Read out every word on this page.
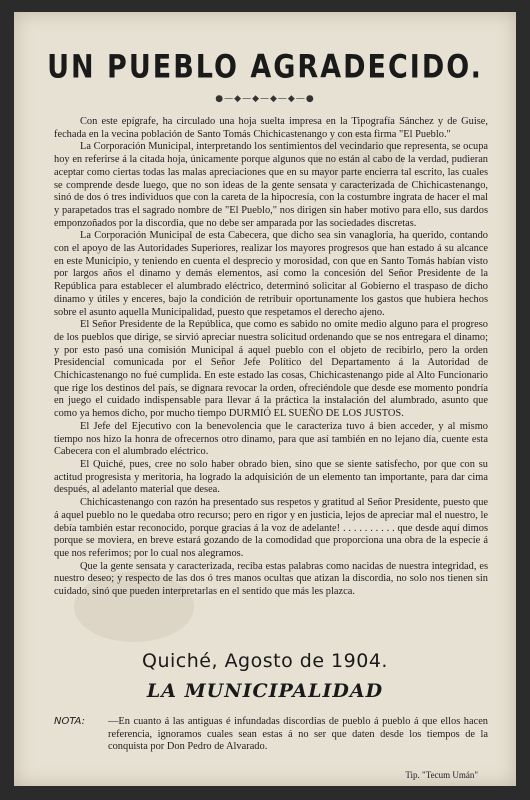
UN PUEBLO AGRADECIDO.
●—◆—◆—◆—◆—●

Con este epígrafe, ha circulado una hoja suelta impresa en la Tipografía Sánchez y de Guise, fechada en la vecina población de Santo Tomás Chichicastenango y con esta firma "El Pueblo."

La Corporación Municipal, interpretando los sentimientos del vecindario que representa, se ocupa hoy en referirse á la citada hoja, únicamente porque algunos que no están al cabo de la verdad, pudieran aceptar como ciertas todas las malas apreciaciones que en su mayor parte encierra tal escrito, las cuales se comprende desde luego, que no son ideas de la gente sensata y caracterizada de Chichicastenango, sinó de dos ó tres individuos que con la careta de la hipocresía, con la costumbre ingrata de hacer el mal y parapetados tras el sagrado nombre de "El Pueblo," nos dirigen sin haber motivo para ello, sus dardos emponzoñados por la discordia, que no debe ser amparada por las sociedades discretas.

La Corporación Municipal de esta Cabecera, que dicho sea sin vanagloria, ha querido, contando con el apoyo de las Autoridades Superiores, realizar los mayores progresos que han estado á su alcance en este Municipio, y teniendo en cuenta el desprecio y morosidad, con que en Santo Tomás habían visto por largos años el dinamo y demás elementos, así como la concesión del Señor Presidente de la República para establecer el alumbrado eléctrico, determinó solicitar al Gobierno el traspaso de dicho dinamo y útiles y enceres, bajo la condición de retribuir oportunamente los gastos que hubiera hechos sobre el asunto aquella Municipalidad, puesto que respetamos el derecho ajeno.

El Señor Presidente de la República, que como es sabido no omite medio alguno para el progreso de los pueblos que dirige, se sirvió apreciar nuestra solicitud ordenando que se nos entregara el dinamo; y por esto pasó una comisión Municipal á aquel pueblo con el objeto de recibirlo, pero la orden Presidencial comunicada por el Señor Jefe Político del Departamento á la Autoridad de Chichicastenango no fué cumplida. En este estado las cosas, Chichicastenango pide al Alto Funcionario que rige los destinos del país, se dignara revocar la orden, ofreciéndole que desde ese momento pondría en juego el cuidado indispensable para llevar á la práctica la instalación del alumbrado, asunto que como ya hemos dicho, por mucho tiempo DURMIÓ EL SUEÑO DE LOS JUSTOS.

El Jefe del Ejecutivo con la benevolencia que le caracteriza tuvo á bien acceder, y al mismo tiempo nos hizo la honra de ofrecernos otro dinamo, para que así también en no lejano día, cuente esta Cabecera con el alumbrado eléctrico.

El Quiché, pues, cree no solo haber obrado bien, sino que se siente satisfecho, por que con su actitud progresista y meritoria, ha logrado la adquisición de un elemento tan importante, para dar cima después, al adelanto material que desea.

Chichicastenango con razón ha presentado sus respetos y gratitud al Señor Presidente, puesto que á aquel pueblo no le quedaba otro recurso; pero en rigor y en justicia, lejos de apreciar mal el nuestro, le debía también estar reconocido, porque gracias á la voz de adelante! . . . . . . . . . . que desde aquí dimos porque se moviera, en breve estará gozando de la comodidad que proporciona una obra de la especie á que nos referimos; por lo cual nos alegramos.

Que la gente sensata y caracterizada, reciba estas palabras como nacidas de nuestra integridad, es nuestro deseo; y respecto de las dos ó tres manos ocultas que atizan la discordia, no solo nos tienen sin cuidado, sinó que pueden interpretarlas en el sentido que más les plazca.

Quiché, Agosto de 1904.
LA MUNICIPALIDAD
NOTA:	—En cuanto á las antiguas é infundadas discordias de pueblo á pueblo á que ellos hacen referencia, ignoramos cuales sean estas á no ser que daten desde los tiempos de la conquista por Don Pedro de Alvarado.
Tip. "Tecum Umán"
